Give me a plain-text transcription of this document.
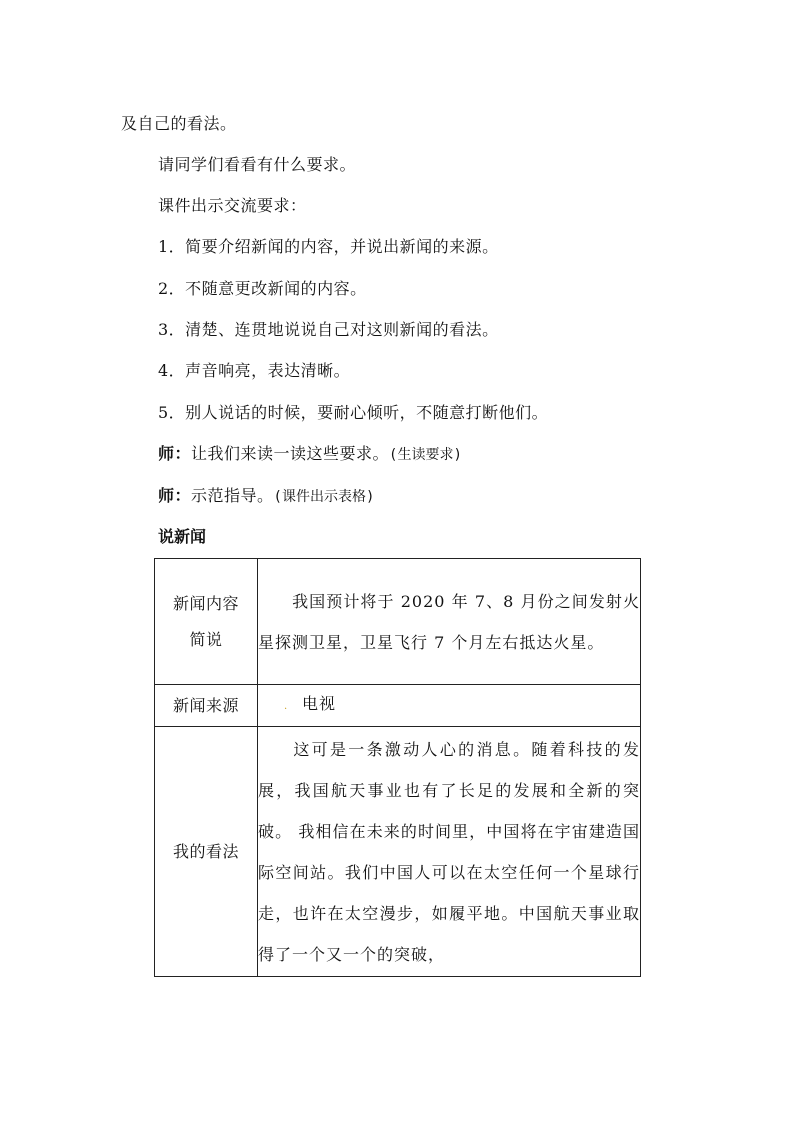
及自己的看法。
请同学们看看有什么要求。
课件出示交流要求：
1．简要介绍新闻的内容，并说出新闻的来源。
2．不随意更改新闻的内容。
3．清楚、连贯地说说自己对这则新闻的看法。
4．声音响亮，表达清晰。
5．别人说话的时候，要耐心倾听，不随意打断他们。
师：让我们来读一读这些要求。(生读要求)
师：示范指导。(课件出示表格)
说新闻
新闻内容
简说	我国预计将于 2020 年 7、8 月份之间发射火星探测卫星，卫星飞行 7 个月左右抵达火星。

新闻来源	. 电视

我的看法	这可是一条激动人心的消息。随着科技的发展，我国航天事业也有了长足的发展和全新的突破。 我相信在未来的时间里，中国将在宇宙建造国际空间站。我们中国人可以在太空任何一个星球行走，也许在太空漫步，如履平地。中国航天事业取得了一个又一个的突破，
